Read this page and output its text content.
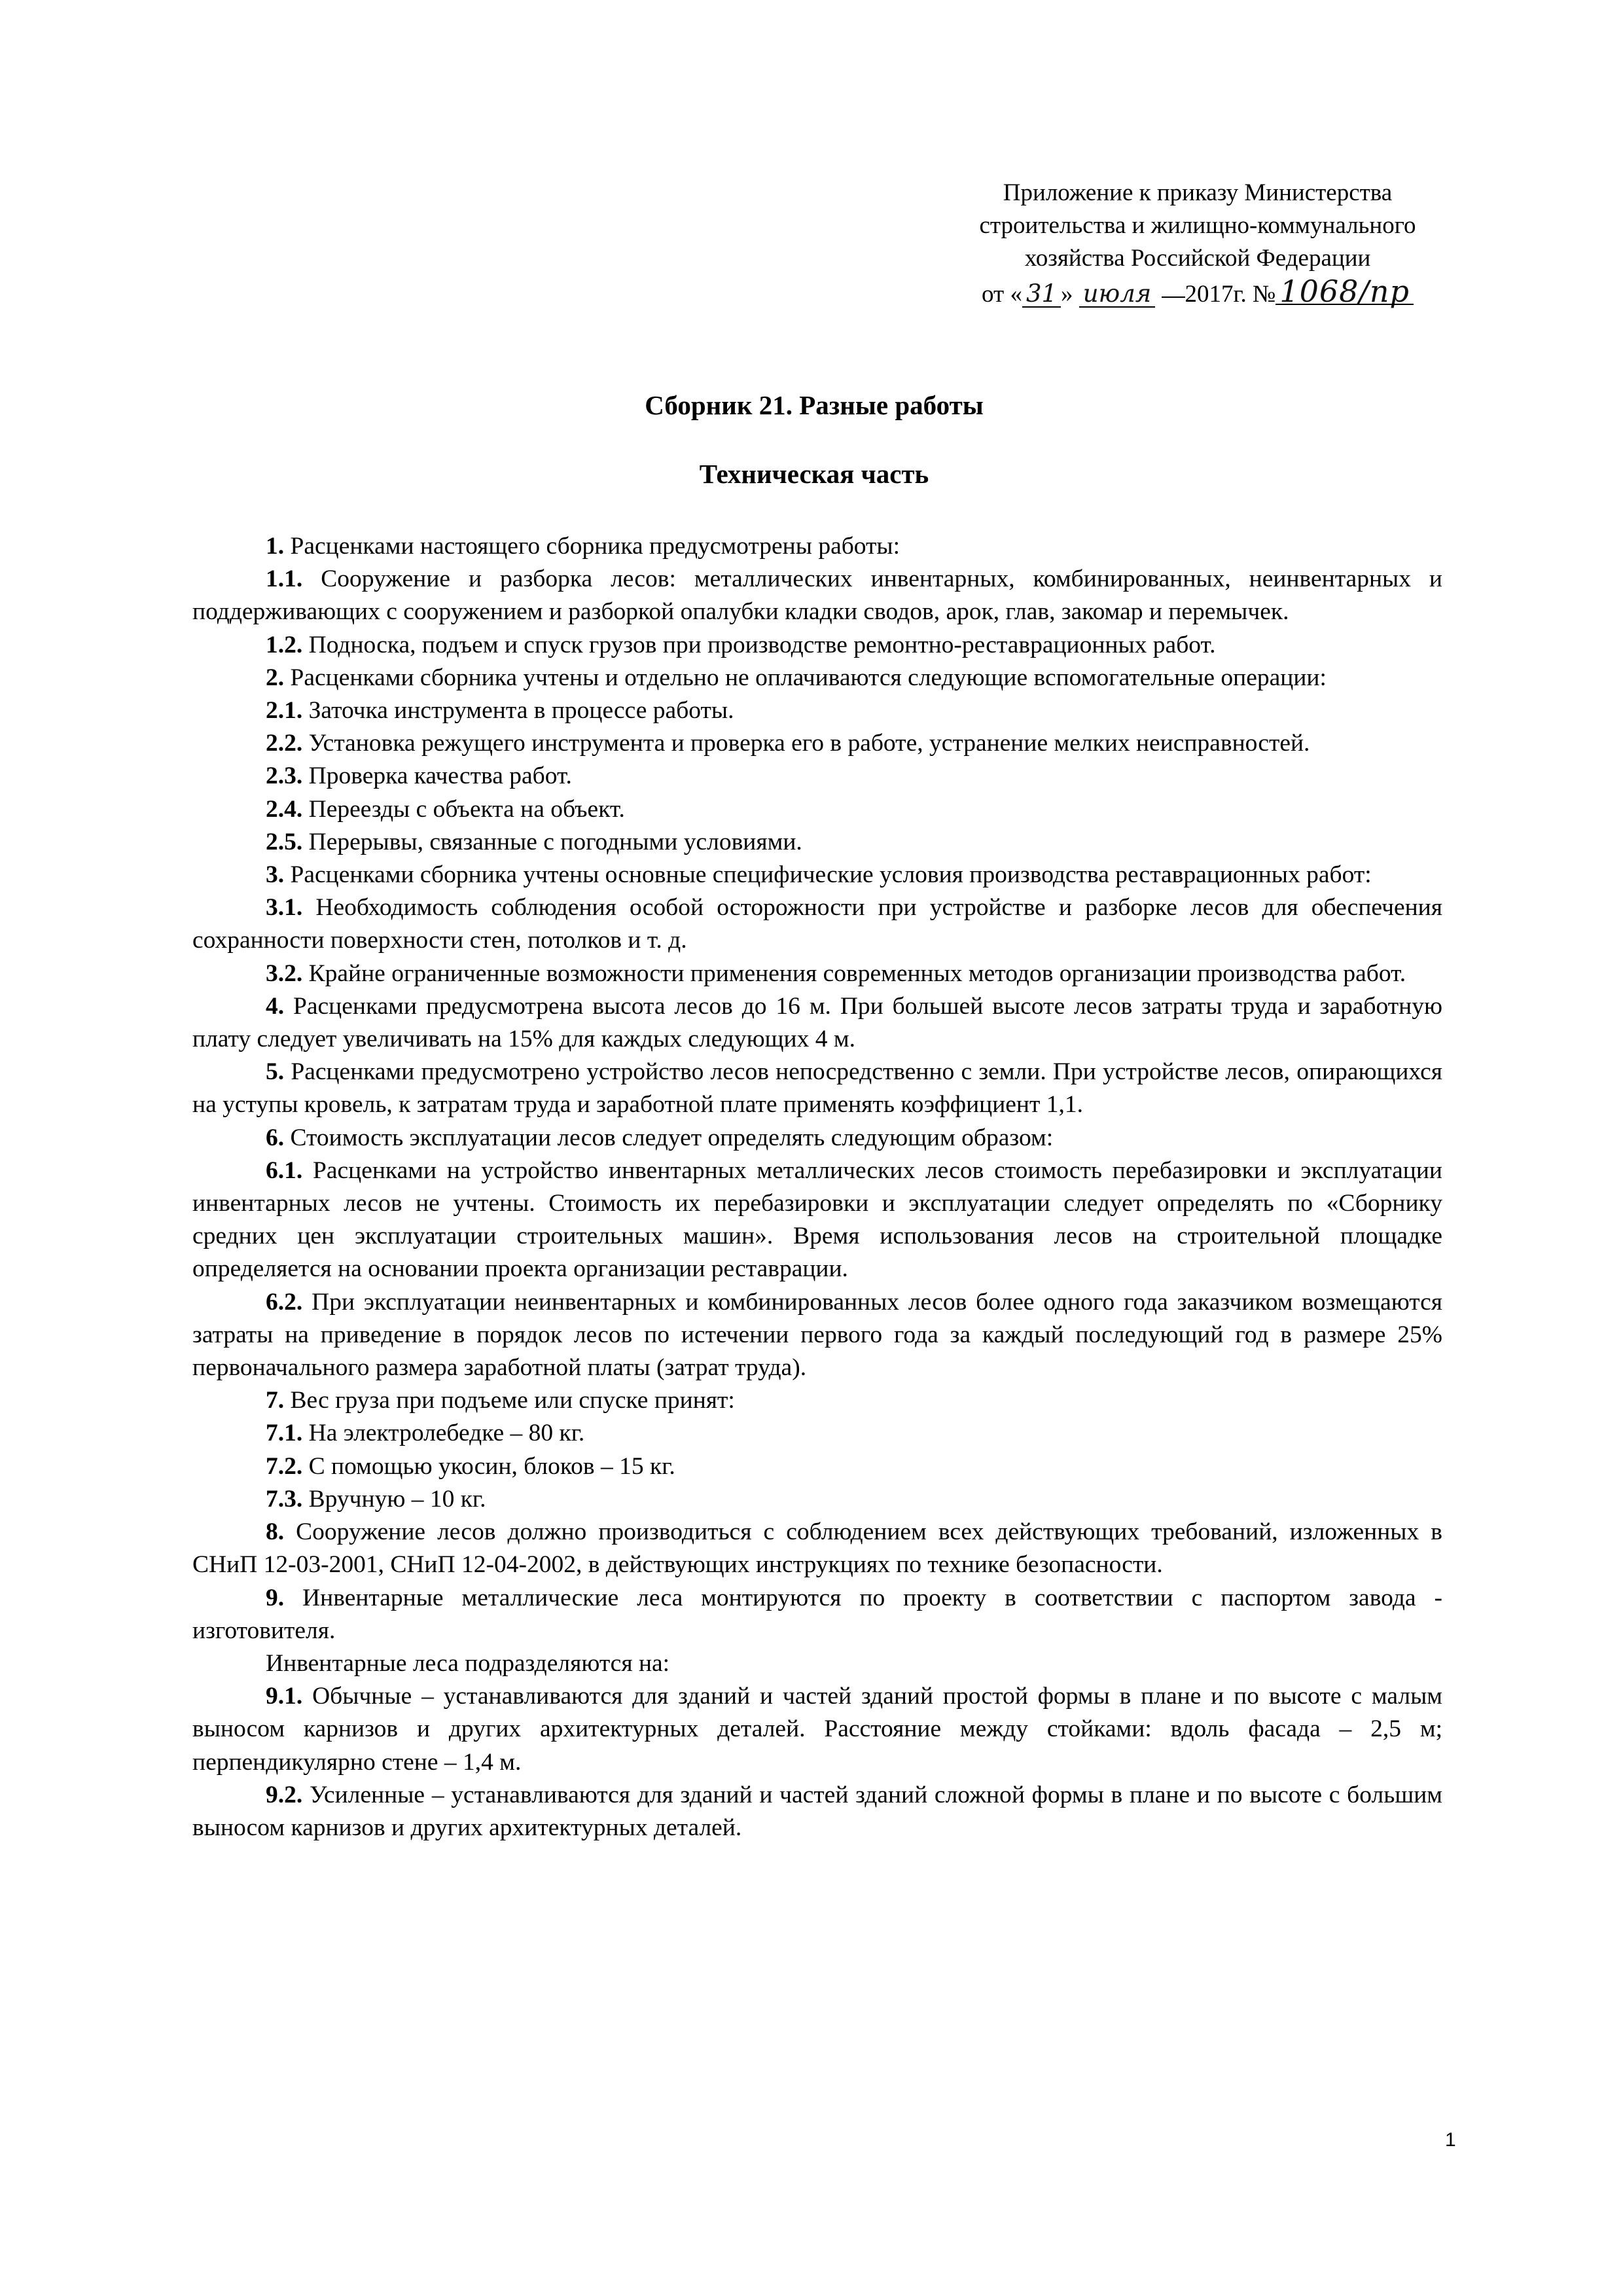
Приложение к приказу Министерства
строительства и жилищно-коммунального
хозяйства Российской Федерации
от « 31 » июля 2017г. № 1068/пр
Сборник 21. Разные работы
Техническая часть

1. Расценками настоящего сборника предусмотрены работы:

1.1. Сооружение и разборка лесов: металлических инвентарных, комбинированных, неинвентарных и поддерживающих с сооружением и разборкой опалубки кладки сводов, арок, глав, закомар и перемычек.

1.2. Подноска, подъем и спуск грузов при производстве ремонтно-реставрационных работ.

2. Расценками сборника учтены и отдельно не оплачиваются следующие вспомогательные операции:

2.1. Заточка инструмента в процессе работы.

2.2. Установка режущего инструмента и проверка его в работе, устранение мелких неисправностей.

2.3. Проверка качества работ.

2.4. Переезды с объекта на объект.

2.5. Перерывы, связанные с погодными условиями.

3. Расценками сборника учтены основные специфические условия производства реставрационных работ:

3.1. Необходимость соблюдения особой осторожности при устройстве и разборке лесов для обеспечения сохранности поверхности стен, потолков и т. д.

3.2. Крайне ограниченные возможности применения современных методов организации производства работ.

4. Расценками предусмотрена высота лесов до 16 м. При большей высоте лесов затраты труда и заработную плату следует увеличивать на 15% для каждых следующих 4 м.

5. Расценками предусмотрено устройство лесов непосредственно с земли. При устройстве лесов, опирающихся на уступы кровель, к затратам труда и заработной плате применять коэффициент 1,1.

6. Стоимость эксплуатации лесов следует определять следующим образом:

6.1. Расценками на устройство инвентарных металлических лесов стоимость перебазировки и эксплуатации инвентарных лесов не учтены. Стоимость их перебазировки и эксплуатации следует определять по «Сборнику средних цен эксплуатации строительных машин». Время использования лесов на строительной площадке определяется на основании проекта организации реставрации.

6.2. При эксплуатации неинвентарных и комбинированных лесов более одного года заказчиком возмещаются затраты на приведение в порядок лесов по истечении первого года за каждый последующий год в размере 25% первоначального размера заработной платы (затрат труда).

7. Вес груза при подъеме или спуске принят:

7.1. На электролебедке – 80 кг.

7.2. С помощью укосин, блоков – 15 кг.

7.3. Вручную – 10 кг.

8. Сооружение лесов должно производиться с соблюдением всех действующих требований, изложенных в СНиП 12-03-2001, СНиП 12-04-2002, в действующих инструкциях по технике безопасности.

9. Инвентарные металлические леса монтируются по проекту в соответствии с паспортом завода - изготовителя.

Инвентарные леса подразделяются на:

9.1. Обычные – устанавливаются для зданий и частей зданий простой формы в плане и по высоте с малым выносом карнизов и других архитектурных деталей. Расстояние между стойками: вдоль фасада – 2,5 м; перпендикулярно стене – 1,4 м.

9.2. Усиленные – устанавливаются для зданий и частей зданий сложной формы в плане и по высоте с большим выносом карнизов и других архитектурных деталей.

1
